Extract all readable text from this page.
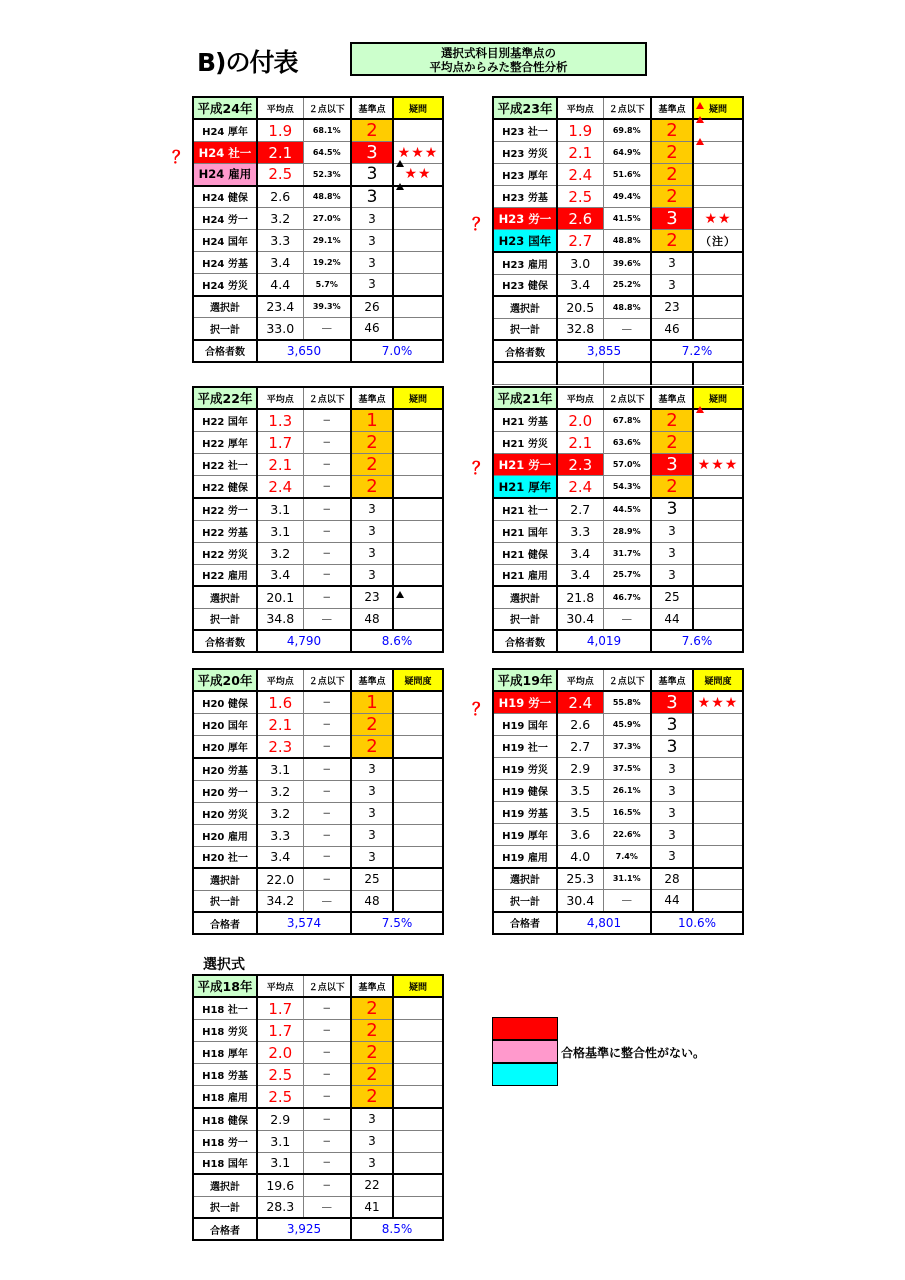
B)の付表	選択式科目別基準点の
平均点からみた整合性分析
？
？
？
？
平成24年	平均点	２点以下	基準点	疑問
H24 厚年	1.9	68.1%	2	
H24 社一	2.1	64.5%	3	★★★
H24 雇用	2.5	52.3%	3	★★

H24 健保	2.6	48.8%	3	

H24 労一	3.2	27.0%	3	
H24 国年	3.3	29.1%	3	
H24 労基	3.4	19.2%	3	
H24 労災	4.4	5.7%	3	
選択計	23.4	39.3%	26	
択一計	33.0	－	46	
合格者数	3,650		7.0%	
平成23年	平均点	２点以下	基準点	疑問

H23 社一	1.9	69.8%	2	

H23 労災	2.1	64.9%	2	

H23 厚年	2.4	51.6%	2	
H23 労基	2.5	49.4%	2	
H23 労一	2.6	41.5%	3	★★
H23 国年	2.7	48.8%	2	（注）
H23 雇用	3.0	39.6%	3	
H23 健保	3.4	25.2%	3	
選択計	20.5	48.8%	23	
択一計	32.8	－	46	
合格者数	3,855		7.2%	

平成22年	平均点	２点以下	基準点	疑問
H22 国年	1.3	－	1	
H22 厚年	1.7	－	2	
H22 社一	2.1	－	2	
H22 健保	2.4	－	2	
H22 労一	3.1	－	3	
H22 労基	3.1	－	3	
H22 労災	3.2	－	3	
H22 雇用	3.4	－	3	
選択計	20.1	－	23	

択一計	34.8	－	48	
合格者数	4,790		8.6%	
平成21年	平均点	２点以下	基準点	疑問
H21 労基	2.0	67.8%	2	

H21 労災	2.1	63.6%	2	
H21 労一	2.3	57.0%	3	★★★
H21 厚年	2.4	54.3%	2	
H21 社一	2.7	44.5%	3	
H21 国年	3.3	28.9%	3	
H21 健保	3.4	31.7%	3	
H21 雇用	3.4	25.7%	3	
選択計	21.8	46.7%	25	
択一計	30.4	－	44	
合格者数	4,019		7.6%	
平成20年	平均点	２点以下	基準点	疑問度
H20 健保	1.6	－	1	
H20 国年	2.1	－	2	
H20 厚年	2.3	－	2	
H20 労基	3.1	－	3	
H20 労一	3.2	－	3	
H20 労災	3.2	－	3	
H20 雇用	3.3	－	3	
H20 社一	3.4	－	3	
選択計	22.0	－	25	
択一計	34.2	－	48	
合格者	3,574		7.5%	
平成19年	平均点	２点以下	基準点	疑問度
H19 労一	2.4	55.8%	3	★★★
H19 国年	2.6	45.9%	3	
H19 社一	2.7	37.3%	3	
H19 労災	2.9	37.5%	3	
H19 健保	3.5	26.1%	3	
H19 労基	3.5	16.5%	3	
H19 厚年	3.6	22.6%	3	
H19 雇用	4.0	7.4%	3	
選択計	25.3	31.1%	28	
択一計	30.4	－	44	
合格者	4,801		10.6%	
平成18年	平均点	２点以下	基準点	疑問
H18 社一	1.7	－	2	
H18 労災	1.7	－	2	
H18 厚年	2.0	－	2	
H18 労基	2.5	－	2	
H18 雇用	2.5	－	2	
H18 健保	2.9	－	3	
H18 労一	3.1	－	3	
H18 国年	3.1	－	3	
選択計	19.6	－	22	
択一計	28.3	－	41	
合格者	3,925		8.5%	
選択式
合格基準に整合性がない。
